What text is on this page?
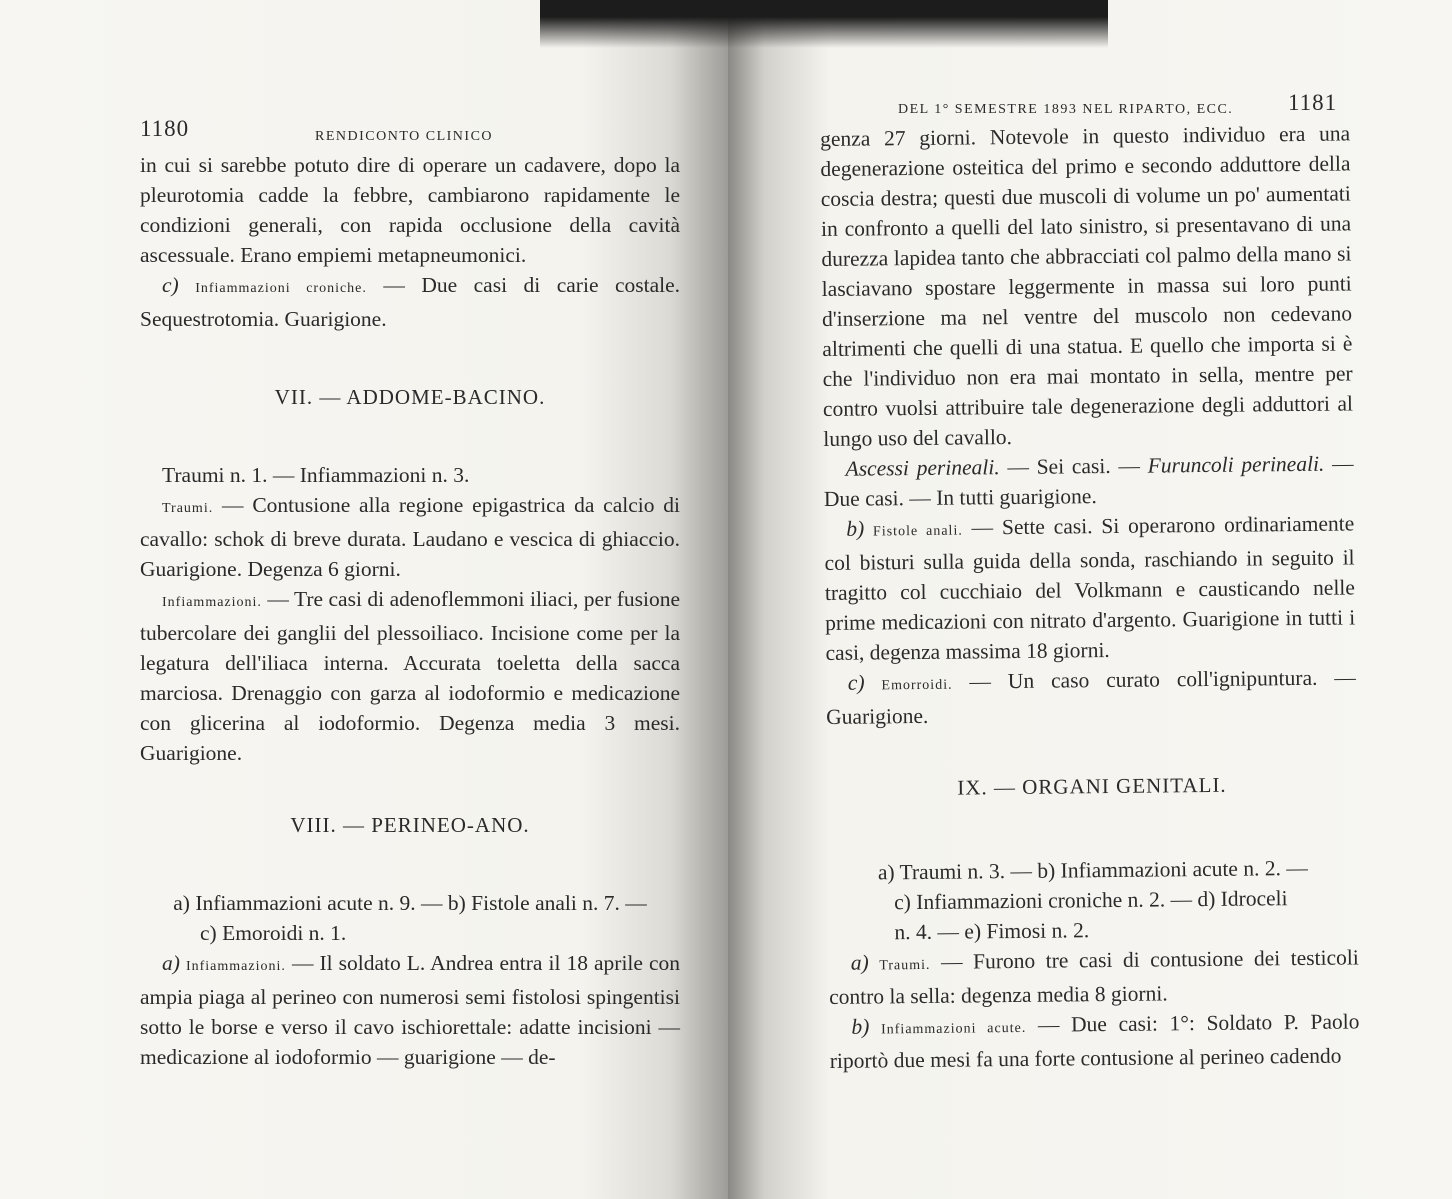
1180	RENDICONTO CLINICO

in cui si sarebbe potuto dire di operare un cadavere, dopo la pleurotomia cadde la febbre, cambiarono rapidamente le condizioni generali, con rapida occlusione della cavità ascessuale. Erano empiemi metapneumonici.

c) Infiammazioni croniche. — Due casi di carie costale. Sequestrotomia. Guarigione.

VII. — ADDOME-BACINO.

Traumi n. 1. — Infiammazioni n. 3.

Traumi. — Contusione alla regione epigastrica da calcio di cavallo: schok di breve durata. Laudano e vescica di ghiaccio. Guarigione. Degenza 6 giorni.

Infiammazioni. — Tre casi di adenoflemmoni iliaci, per fusione tubercolare dei ganglii del plessoiliaco. Incisione come per la legatura dell'iliaca interna. Accurata toeletta della sacca marciosa. Drenaggio con garza al iodoformio e medicazione con glicerina al iodoformio. Degenza media 3 mesi. Guarigione.

VIII. — PERINEO-ANO.

a) Infiammazioni acute n. 9. — b) Fistole anali n. 7. —

c) Emoroidi n. 1.

a) Infiammazioni. — Il soldato L. Andrea entra il 18 aprile con ampia piaga al perineo con numerosi semi fistolosi spingentisi sotto le borse e verso il cavo ischiorettale: adatte incisioni — medicazione al iodoformio — guarigione — de-

DEL 1° SEMESTRE 1893 NEL RIPARTO, ECC. 1181

genza 27 giorni. Notevole in questo individuo era una degenerazione osteitica del primo e secondo adduttore della coscia destra; questi due muscoli di volume un po' aumentati in confronto a quelli del lato sinistro, si presentavano di una durezza lapidea tanto che abbracciati col palmo della mano si lasciavano spostare leggermente in massa sui loro punti d'inserzione ma nel ventre del muscolo non cedevano altrimenti che quelli di una statua. E quello che importa si è che l'individuo non era mai montato in sella, mentre per contro vuolsi attribuire tale degenerazione degli adduttori al lungo uso del cavallo.

Ascessi perineali. — Sei casi. — Furuncoli perineali. — Due casi. — In tutti guarigione.

b) Fistole anali. — Sette casi. Si operarono ordinariamente col bisturi sulla guida della sonda, raschiando in seguito il tragitto col cucchiaio del Volkmann e causticando nelle prime medicazioni con nitrato d'argento. Guarigione in tutti i casi, degenza massima 18 giorni.

c) Emorroidi. — Un caso curato coll'ignipuntura. — Guarigione.

IX. — ORGANI GENITALI.

a) Traumi n. 3. — b) Infiammazioni acute n. 2. —

c) Infiammazioni croniche n. 2. — d) Idroceli

n. 4. — e) Fimosi n. 2.

a) Traumi. — Furono tre casi di contusione dei testicoli contro la sella: degenza media 8 giorni.

b) Infiammazioni acute. — Due casi: 1°: Soldato P. Paolo riportò due mesi fa una forte contusione al perineo cadendo
